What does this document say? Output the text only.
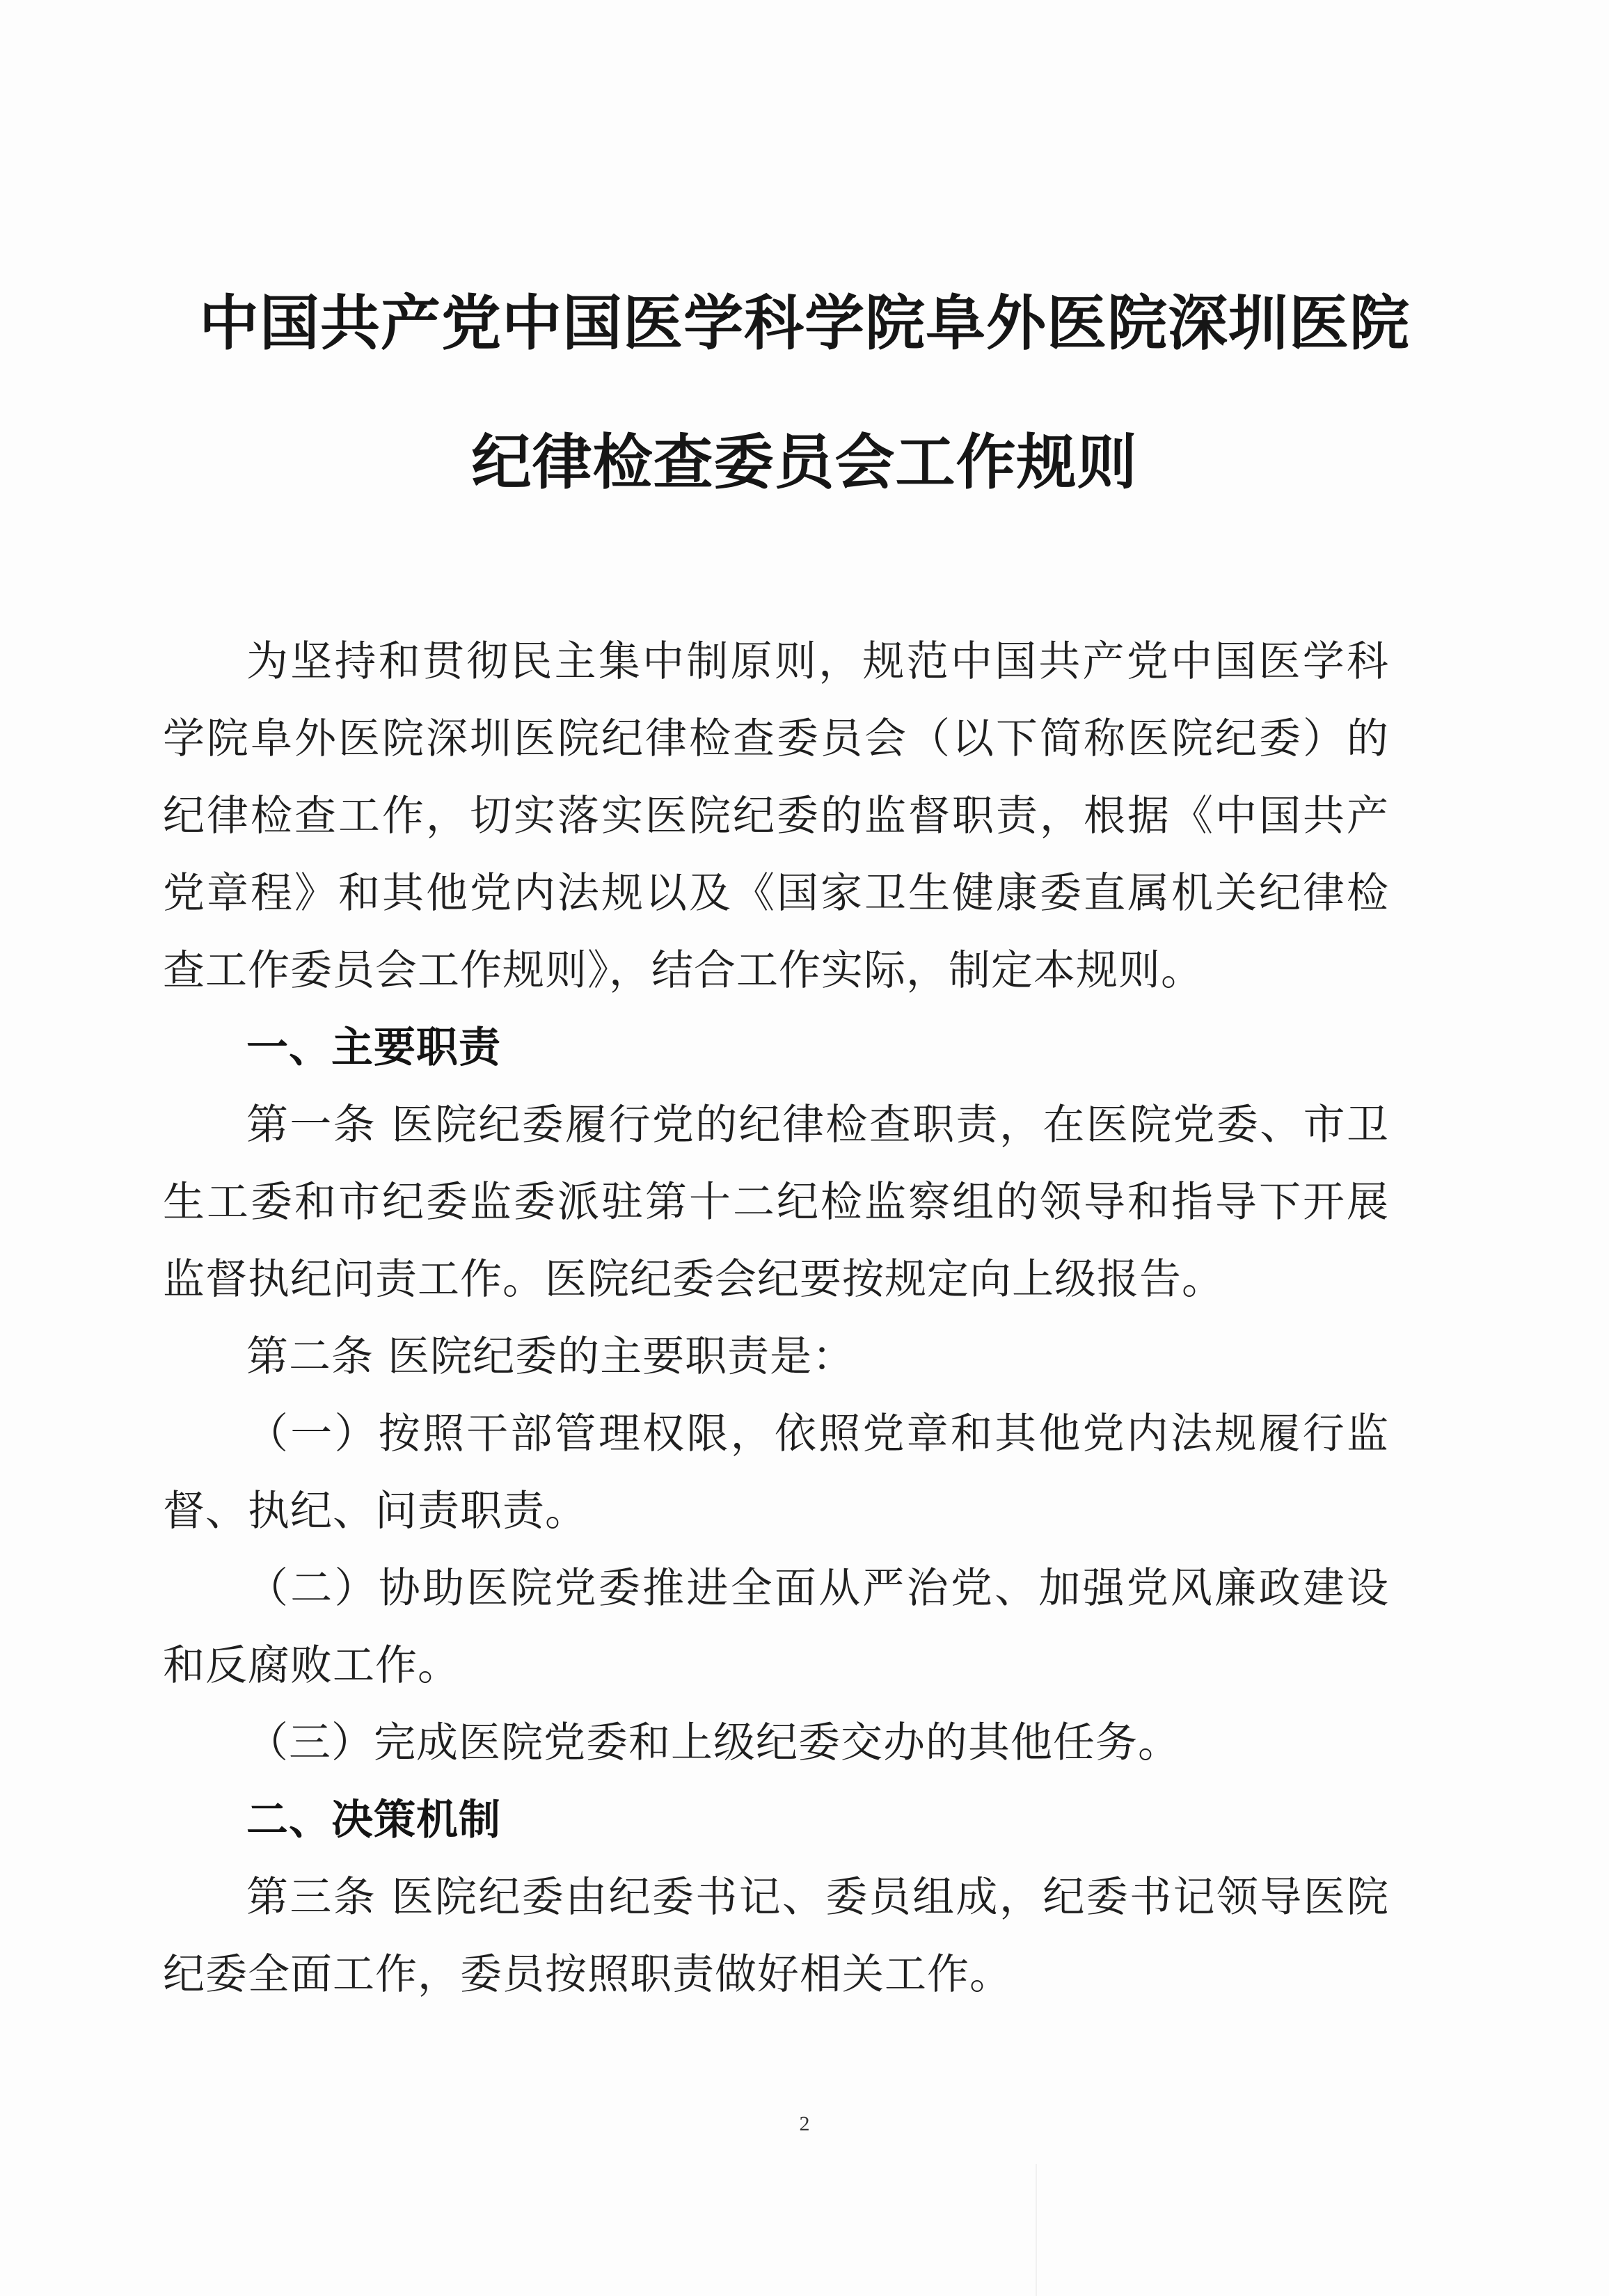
中国共产党中国医学科学院阜外医院深圳医院
纪律检查委员会工作规则

为坚持和贯彻民主集中制原则，规范中国共产党中国医学科学院阜外医院深圳医院纪律检查委员会（以下简称医院纪委）的纪律检查工作，切实落实医院纪委的监督职责，根据《中国共产党章程》和其他党内法规以及《国家卫生健康委直属机关纪律检查工作委员会工作规则》，结合工作实际，制定本规则。

一、主要职责

第一条 医院纪委履行党的纪律检查职责，在医院党委、市卫生工委和市纪委监委派驻第十二纪检监察组的领导和指导下开展监督执纪问责工作。医院纪委会纪要按规定向上级报告。

第二条 医院纪委的主要职责是：

（一）按照干部管理权限，依照党章和其他党内法规履行监督、执纪、问责职责。

（二）协助医院党委推进全面从严治党、加强党风廉政建设和反腐败工作。

（三）完成医院党委和上级纪委交办的其他任务。

二、决策机制

第三条 医院纪委由纪委书记、委员组成，纪委书记领导医院纪委全面工作，委员按照职责做好相关工作。

2
